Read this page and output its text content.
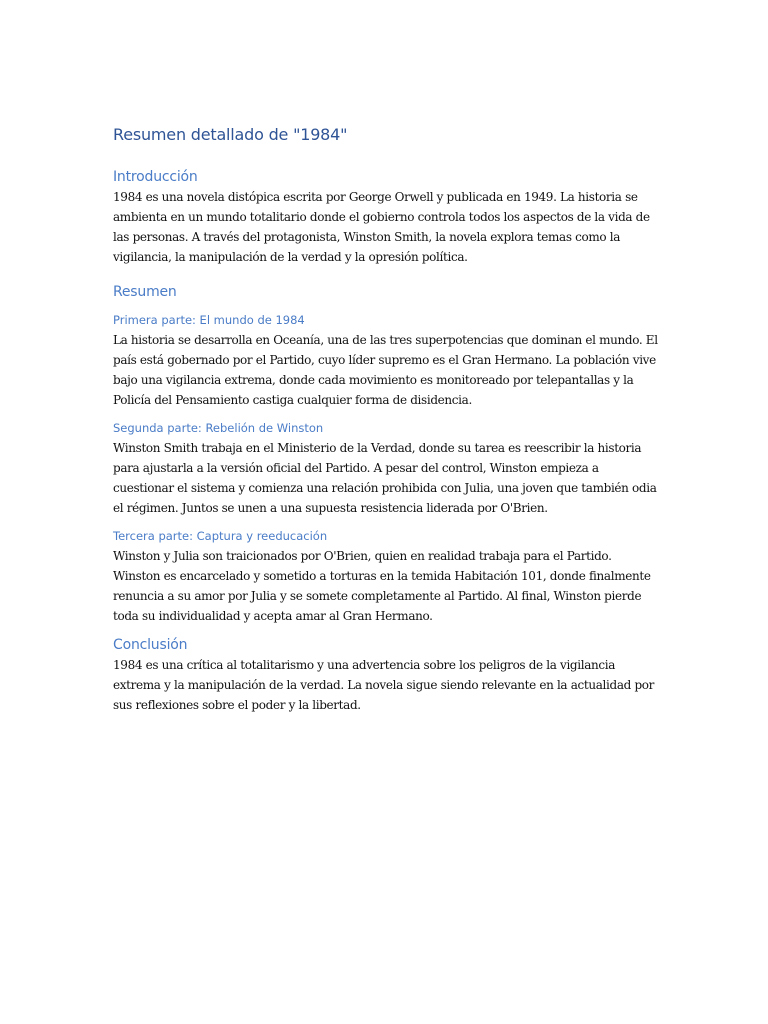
Resumen detallado de "1984"
Introducción

1984 es una novela distópica escrita por George Orwell y publicada en 1949. La historia se ambienta en un mundo totalitario donde el gobierno controla todos los aspectos de la vida de las personas. A través del protagonista, Winston Smith, la novela explora temas como la vigilancia, la manipulación de la verdad y la opresión política.

Resumen
Primera parte: El mundo de 1984

La historia se desarrolla en Oceanía, una de las tres superpotencias que dominan el mundo. El país está gobernado por el Partido, cuyo líder supremo es el Gran Hermano. La población vive bajo una vigilancia extrema, donde cada movimiento es monitoreado por telepantallas y la Policía del Pensamiento castiga cualquier forma de disidencia.

Segunda parte: Rebelión de Winston

Winston Smith trabaja en el Ministerio de la Verdad, donde su tarea es reescribir la historia para ajustarla a la versión oficial del Partido. A pesar del control, Winston empieza a cuestionar el sistema y comienza una relación prohibida con Julia, una joven que también odia el régimen. Juntos se unen a una supuesta resistencia liderada por O'Brien.

Tercera parte: Captura y reeducación

Winston y Julia son traicionados por O'Brien, quien en realidad trabaja para el Partido. Winston es encarcelado y sometido a torturas en la temida Habitación 101, donde finalmente renuncia a su amor por Julia y se somete completamente al Partido. Al final, Winston pierde toda su individualidad y acepta amar al Gran Hermano.

Conclusión

1984 es una crítica al totalitarismo y una advertencia sobre los peligros de la vigilancia extrema y la manipulación de la verdad. La novela sigue siendo relevante en la actualidad por sus reflexiones sobre el poder y la libertad.
